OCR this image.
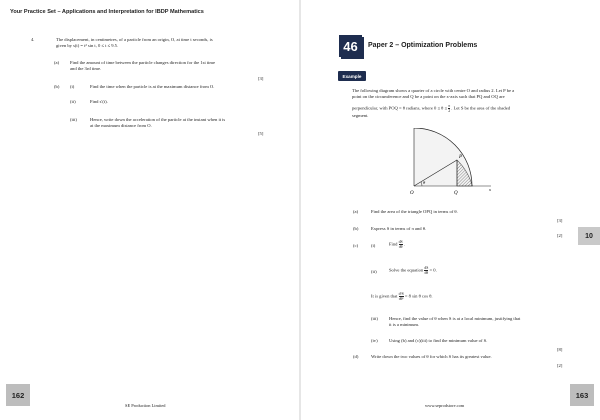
Your Practice Set – Applications and Interpretation for IBDP Mathematics
4.	The displacement, in centimetres, of a particle from an origin, O, at time t seconds, is
given by s(t) = t² sin t, 0 ≤ t ≤ 9.5.
(a) Find the amount of time between the particle changes direction for the 1st time
and the 3rd time.
[3]
(b) (i)	Find the time when the particle is at the maximum distance from O.
(ii)	Find s′(t).
(iii)	Hence, write down the acceleration of the particle at the instant when it is
at the maximum distance from O.
[5]
162
SE Production Limited
46	Paper 2 – Optimization Problems
Example
The following diagram shows a quarter of a circle with centre O and radius 2. Let P be a
point on the circumference and Q be a point on the x-axis such that PQ and OQ are
perpendicular, with POQ = θ radians, where $0 \le \theta \le \frac{\pi}{2}$ . Let S be the area of the shaded
segment.
P
O	Q
θ
x
(a)	Find the area of the triangle OPQ in terms of θ.
[3]
(b)	Express S in terms of π and θ.
[2]
(c)	(i)	Find $\frac{dS}{d\theta}$ .
(ii)	Solve the equation $\frac{dS}{d\theta} = 0$.
It is given that $\frac{\text{d²S}}{\text{dθ²}} = 8$ sin θ cos θ.
(iii) Hence, find the value of θ when S is at a local minimum, justifying that
it is a minimum.
(iv) Using (b) and (c)(iii) to find the minimum value of S.
[8]
(d)	Write down the two values of θ for which S has its greatest value.
[2]
10
163
www.seprodstore.com
